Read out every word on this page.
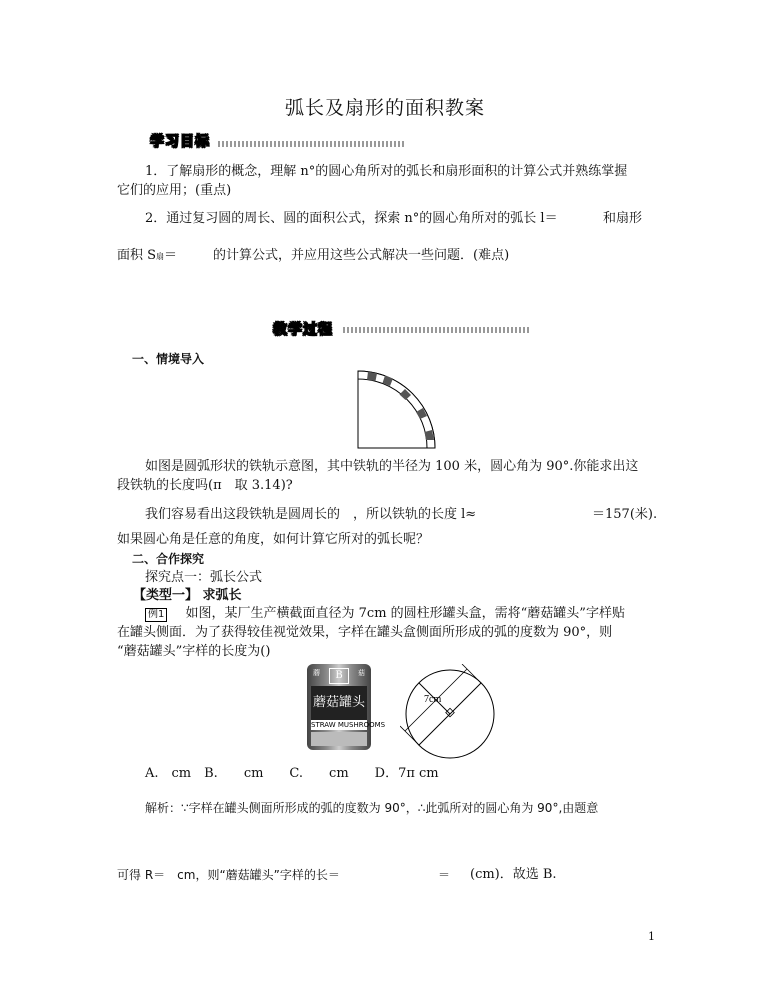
弧长及扇形的面积教案
学习目标
1．了解扇形的概念，理解 n°的圆心角所对的弧长和扇形面积的计算公式并熟练掌握
它们的应用；(重点)
2．通过复习圆的周长、圆的面积公式，探索 n°的圆心角所对的弧长 l＝	和扇形
面积 S扇＝	的计算公式，并应用这些公式解决一些问题．(难点)
教学过程
一、情境导入
如图是圆弧形状的铁轨示意图，其中铁轨的半径为 100 米，圆心角为 90°.你能求出这
段铁轨的长度吗(π　取 3.14)?
我们容易看出这段铁轨是圆周长的　，所以铁轨的长度 l≈	＝157(米).
如果圆心角是任意的角度，如何计算它所对的弧长呢？
二、合作探究
探究点一：弧长公式
【类型一】 求弧长
例1 如图，某厂生产横截面直径为 7cm 的圆柱形罐头盒，需将“蘑菇罐头”字样贴
在罐头侧面．为了获得较佳视觉效果，字样在罐头盒侧面所形成的弧的度数为 90°，则
“蘑菇罐头”字样的长度为()
蘑	B	菇
蘑菇罐头
STRAW MUSHROOMS
7cm
A.　cm　B.　　cm　　C.　　cm　　D．7π cm
解析：∵字样在罐头侧面所形成的弧的度数为 90°，∴此弧所对的圆心角为 90°,由题意
可得 R＝　cm，则“蘑菇罐头”字样的长＝	＝ (cm)．故选 B.
1
